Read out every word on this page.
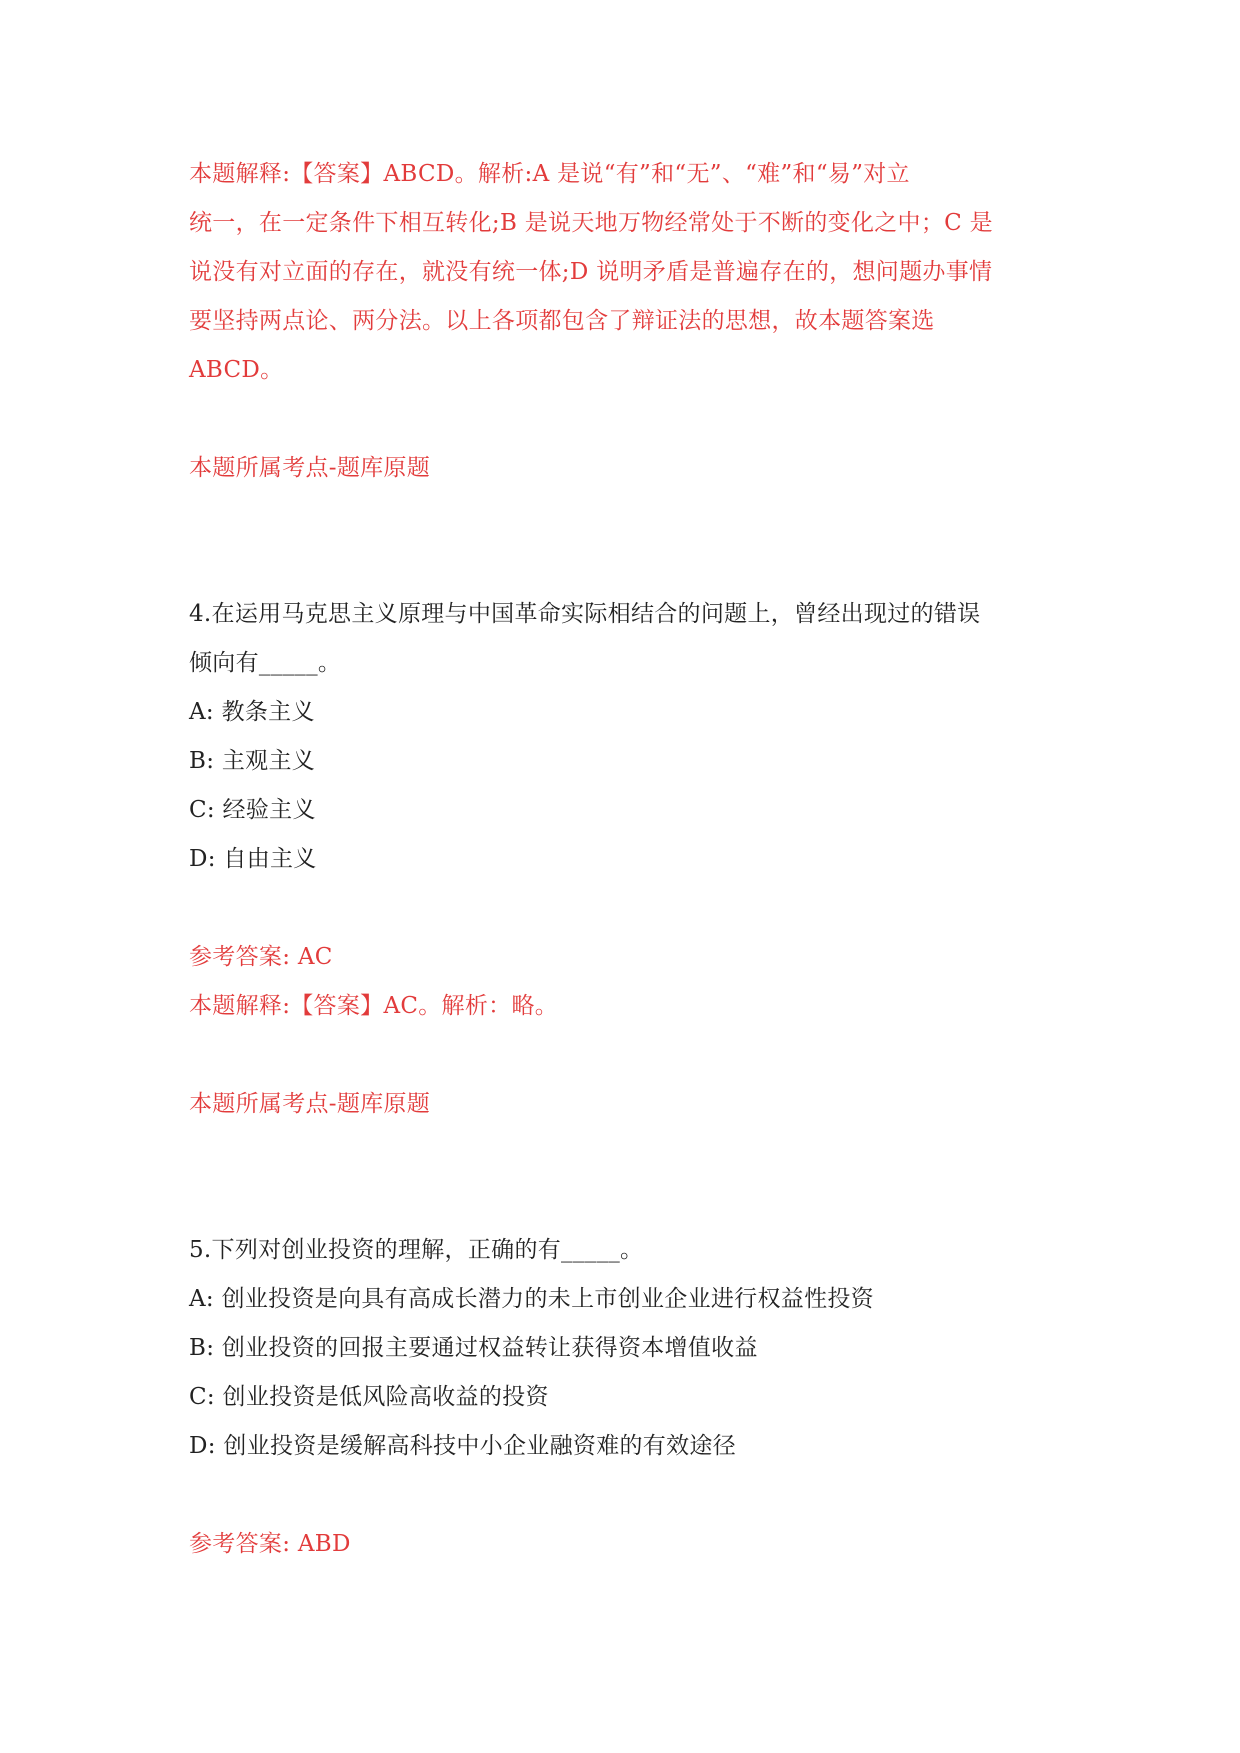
本题解释:【答案】ABCD。解析:A 是说“有”和“无”、“难”和“易”对立
统一，在一定条件下相互转化;B 是说天地万物经常处于不断的变化之中；C 是
说没有对立面的存在，就没有统一体;D 说明矛盾是普遍存在的，想问题办事情
要坚持两点论、两分法。以上各项都包含了辩证法的思想，故本题答案选
ABCD。
本题所属考点-题库原题
4.在运用马克思主义原理与中国革命实际相结合的问题上，曾经出现过的错误
倾向有_____。
A: 教条主义
B: 主观主义
C: 经验主义
D: 自由主义
参考答案: AC
本题解释:【答案】AC。解析：略。
本题所属考点-题库原题
5.下列对创业投资的理解，正确的有_____。
A: 创业投资是向具有高成长潜力的未上市创业企业进行权益性投资
B: 创业投资的回报主要通过权益转让获得资本增值收益
C: 创业投资是低风险高收益的投资
D: 创业投资是缓解高科技中小企业融资难的有效途径
参考答案: ABD
